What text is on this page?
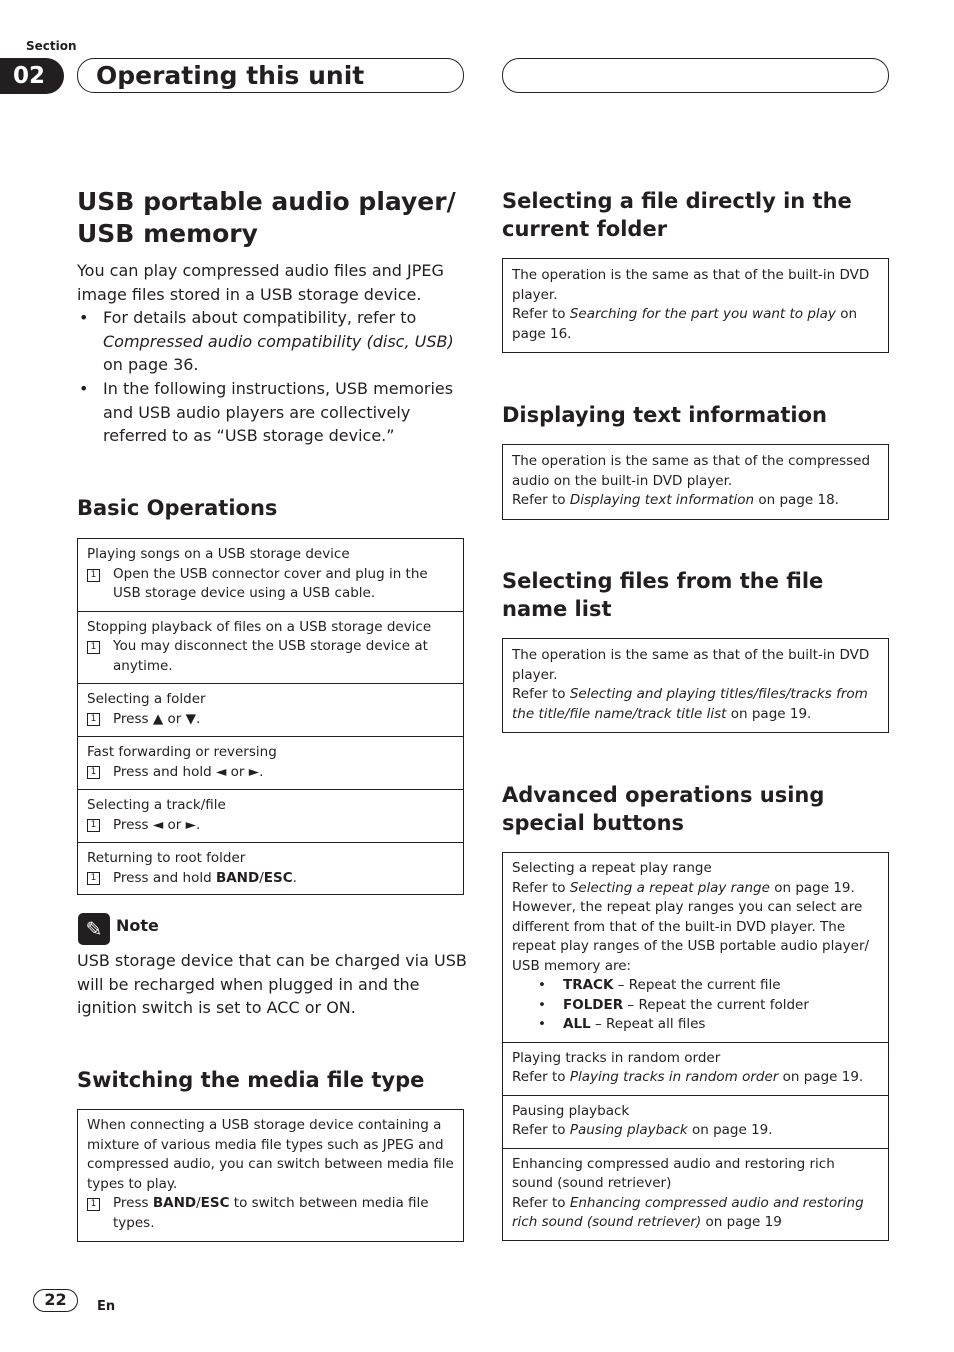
Section
02	Operating this unit
USB portable audio player/
USB memory
You can play compressed audio files and JPEG image files stored in a USB storage device.
• For details about compatibility, refer to Compressed audio compatibility (disc, USB) on page 36.
• In the following instructions, USB memories and USB audio players are collectively referred to as “USB storage device.”
Basic Operations
Playing songs on a USB storage device
1 Open the USB connector cover and plug in the USB storage device using a USB cable.
Stopping playback of files on a USB storage device
1 You may disconnect the USB storage device at anytime.
Selecting a folder
1 Press ▲ or ▼.
Fast forwarding or reversing
1 Press and hold ◄ or ►.
Selecting a track/file
1 Press ◄ or ►.
Returning to root folder
1 Press and hold BAND/ESC.
✎ Note
USB storage device that can be charged via USB will be recharged when plugged in and the ignition switch is set to ACC or ON.
Switching the media file type
When connecting a USB storage device containing a mixture of various media file types such as JPEG and compressed audio, you can switch between media file types to play.
1 Press BAND/ESC to switch between media file types.
Selecting a file directly in the current folder
The operation is the same as that of the built-in DVD player.
Refer to Searching for the part you want to play on page 16.
Displaying text information
The operation is the same as that of the compressed audio on the built-in DVD player.
Refer to Displaying text information on page 18.
Selecting files from the file name list
The operation is the same as that of the built-in DVD player.
Refer to Selecting and playing titles/files/tracks from the title/file name/track title list on page 19.
Advanced operations using special buttons
Selecting a repeat play range
Refer to Selecting a repeat play range on page 19.
However, the repeat play ranges you can select are different from that of the built-in DVD player. The repeat play ranges of the USB portable audio player/ USB memory are:
• TRACK – Repeat the current file
• FOLDER – Repeat the current folder
• ALL – Repeat all files
Playing tracks in random order
Refer to Playing tracks in random order on page 19.
Pausing playback
Refer to Pausing playback on page 19.
Enhancing compressed audio and restoring rich sound (sound retriever)
Refer to Enhancing compressed audio and restoring rich sound (sound retriever) on page 19
22	En
